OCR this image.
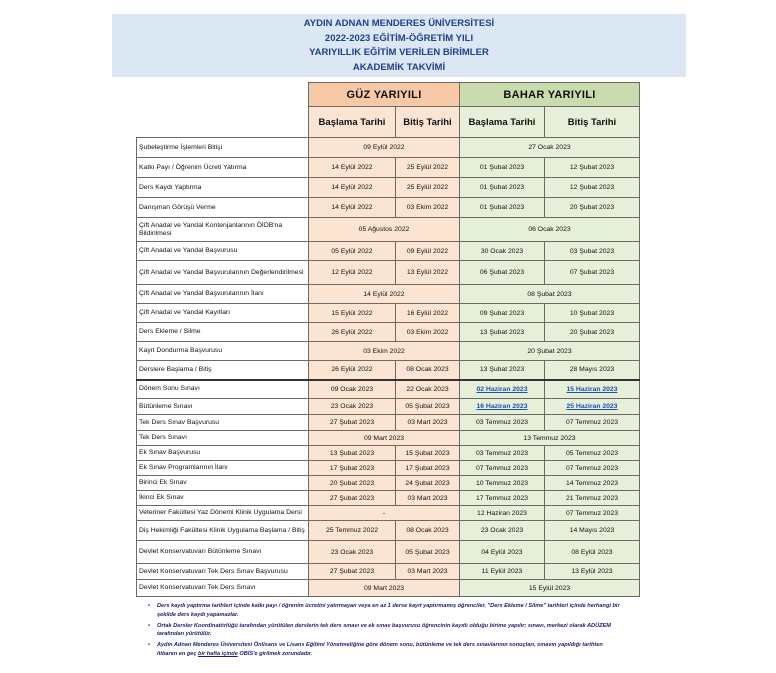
AYDIN ADNAN MENDERES ÜNİVERSİTESİ
2022-2023 EĞİTİM-ÖĞRETİM YILI
YARIYILLIK EĞİTİM VERİLEN BİRİMLER
AKADEMİK TAKVİMİ
	GÜZ YARIYILI		BAHAR YARIYILI	
	Başlama Tarihi	Bitiş Tarihi	Başlama Tarihi	Bitiş Tarihi
Şubeleştirme İşlemleri Bitişi	09 Eylül 2022		27 Ocak 2023	
Katkı Payı / Öğrenim Ücreti Yatırma	14 Eylül 2022	25 Eylül 2022	01 Şubat 2023	12 Şubat 2023
Ders Kaydı Yaptırma	14 Eylül 2022	25 Eylül 2022	01 Şubat 2023	12 Şubat 2023
Danışman Görüşü Verme	14 Eylül 2022	03 Ekim 2022	01 Şubat 2023	20 Şubat 2023
Çift Anadal ve Yandal Kontenjanlarının ÖİDB'na Bildirilmesi	05 Ağustos 2022		06 Ocak 2023	
Çift Anadal ve Yandal Başvurusu	05 Eylül 2022	09 Eylül 2022	30 Ocak 2023	03 Şubat 2023
Çift Anadal ve Yandal Başvurularının Değerlendirilmesi	12 Eylül 2022	13 Eylül 2022	06 Şubat 2023	07 Şubat 2023
Çift Anadal ve Yandal Başvurularının İlanı	14 Eylül 2022		08 Şubat 2023	
Çift Anadal ve Yandal Kayıtları	15 Eylül 2022	16 Eylül 2022	09 Şubat 2023	10 Şubat 2023
Ders Ekleme / Silme	26 Eylül 2022	03 Ekim 2022	13 Şubat 2023	20 Şubat 2023
Kayıt Dondurma Başvurusu	03 Ekim 2022		20 Şubat 2023	
Derslere Başlama / Bitiş	26 Eylül 2022	08 Ocak 2023	13 Şubat 2023	28 Mayıs 2023
Dönem Sonu Sınavı	09 Ocak 2023	22 Ocak 2023	02 Haziran 2023	15 Haziran 2023
Bütünleme Sınavı	23 Ocak 2023	05 Şubat 2023	16 Haziran 2023	25 Haziran 2023
Tek Ders Sınav Başvurusu	27 Şubat 2023	03 Mart 2023	03 Temmuz 2023	07 Temmuz 2023
Tek Ders Sınavı	09 Mart 2023		13 Temmuz 2023	
Ek Sınav Başvurusu	13 Şubat 2023	15 Şubat 2023	03 Temmuz 2023	05 Temmuz 2023
Ek Sınav Programlarının İlanı	17 Şubat 2023	17 Şubat 2023	07 Temmuz 2023	07 Temmuz 2023
Birinci Ek Sınav	20 Şubat 2023	24 Şubat 2023	10 Temmuz 2023	14 Temmuz 2023
İkinci Ek Sınav	27 Şubat 2023	03 Mart 2023	17 Temmuz 2023	21 Temmuz 2023
Veteriner Fakültesi Yaz Dönemi Klinik Uygulama Dersi	-		12 Haziran 2023	07 Temmuz 2023
Diş Hekimliği Fakültesi Klinik Uygulama Başlama / Bitiş	25 Temmuz 2022	08 Ocak 2023	23 Ocak 2023	14 Mayıs 2023
Devlet Konservatuvarı Bütünleme Sınavı	23 Ocak 2023	05 Şubat 2023	04 Eylül 2023	08 Eylül 2023
Devlet Konservatuvarı Tek Ders Sınav Başvurusu	27 Şubat 2023	03 Mart 2023	11 Eylül 2023	13 Eylül 2023
Devlet Konservatuvarı Tek Ders Sınavı	09 Mart 2023		15 Eylül 2023	
• Ders kaydı yaptırma tarihleri içinde katkı payı / öğrenim ücretini yatırmayan veya en az 1 derse kayıt yaptırmamış öğrenciler, "Ders Ekleme / Silme" tarihleri içinde herhangi bir şekilde ders kaydı yapamazlar.
• Ortak Dersler Koordinatörlüğü tarafından yürütülen derslerin tek ders sınavı ve ek sınav başvurusu öğrencinin kayıtlı olduğu birime yapılır; sınavı, merkezi olarak ADÜZEM tarafından yürütülür.
• Aydın Adnan Menderes Üniversitesi Önlisans ve Lisans Eğitimi Yönetmeliğine göre dönem sonu, bütünleme ve tek ders sınavlarının sonuçları, sınavın yapıldığı tarihten itibaren en geç bir hafta içinde OBİS'e girilmek zorundadır.
